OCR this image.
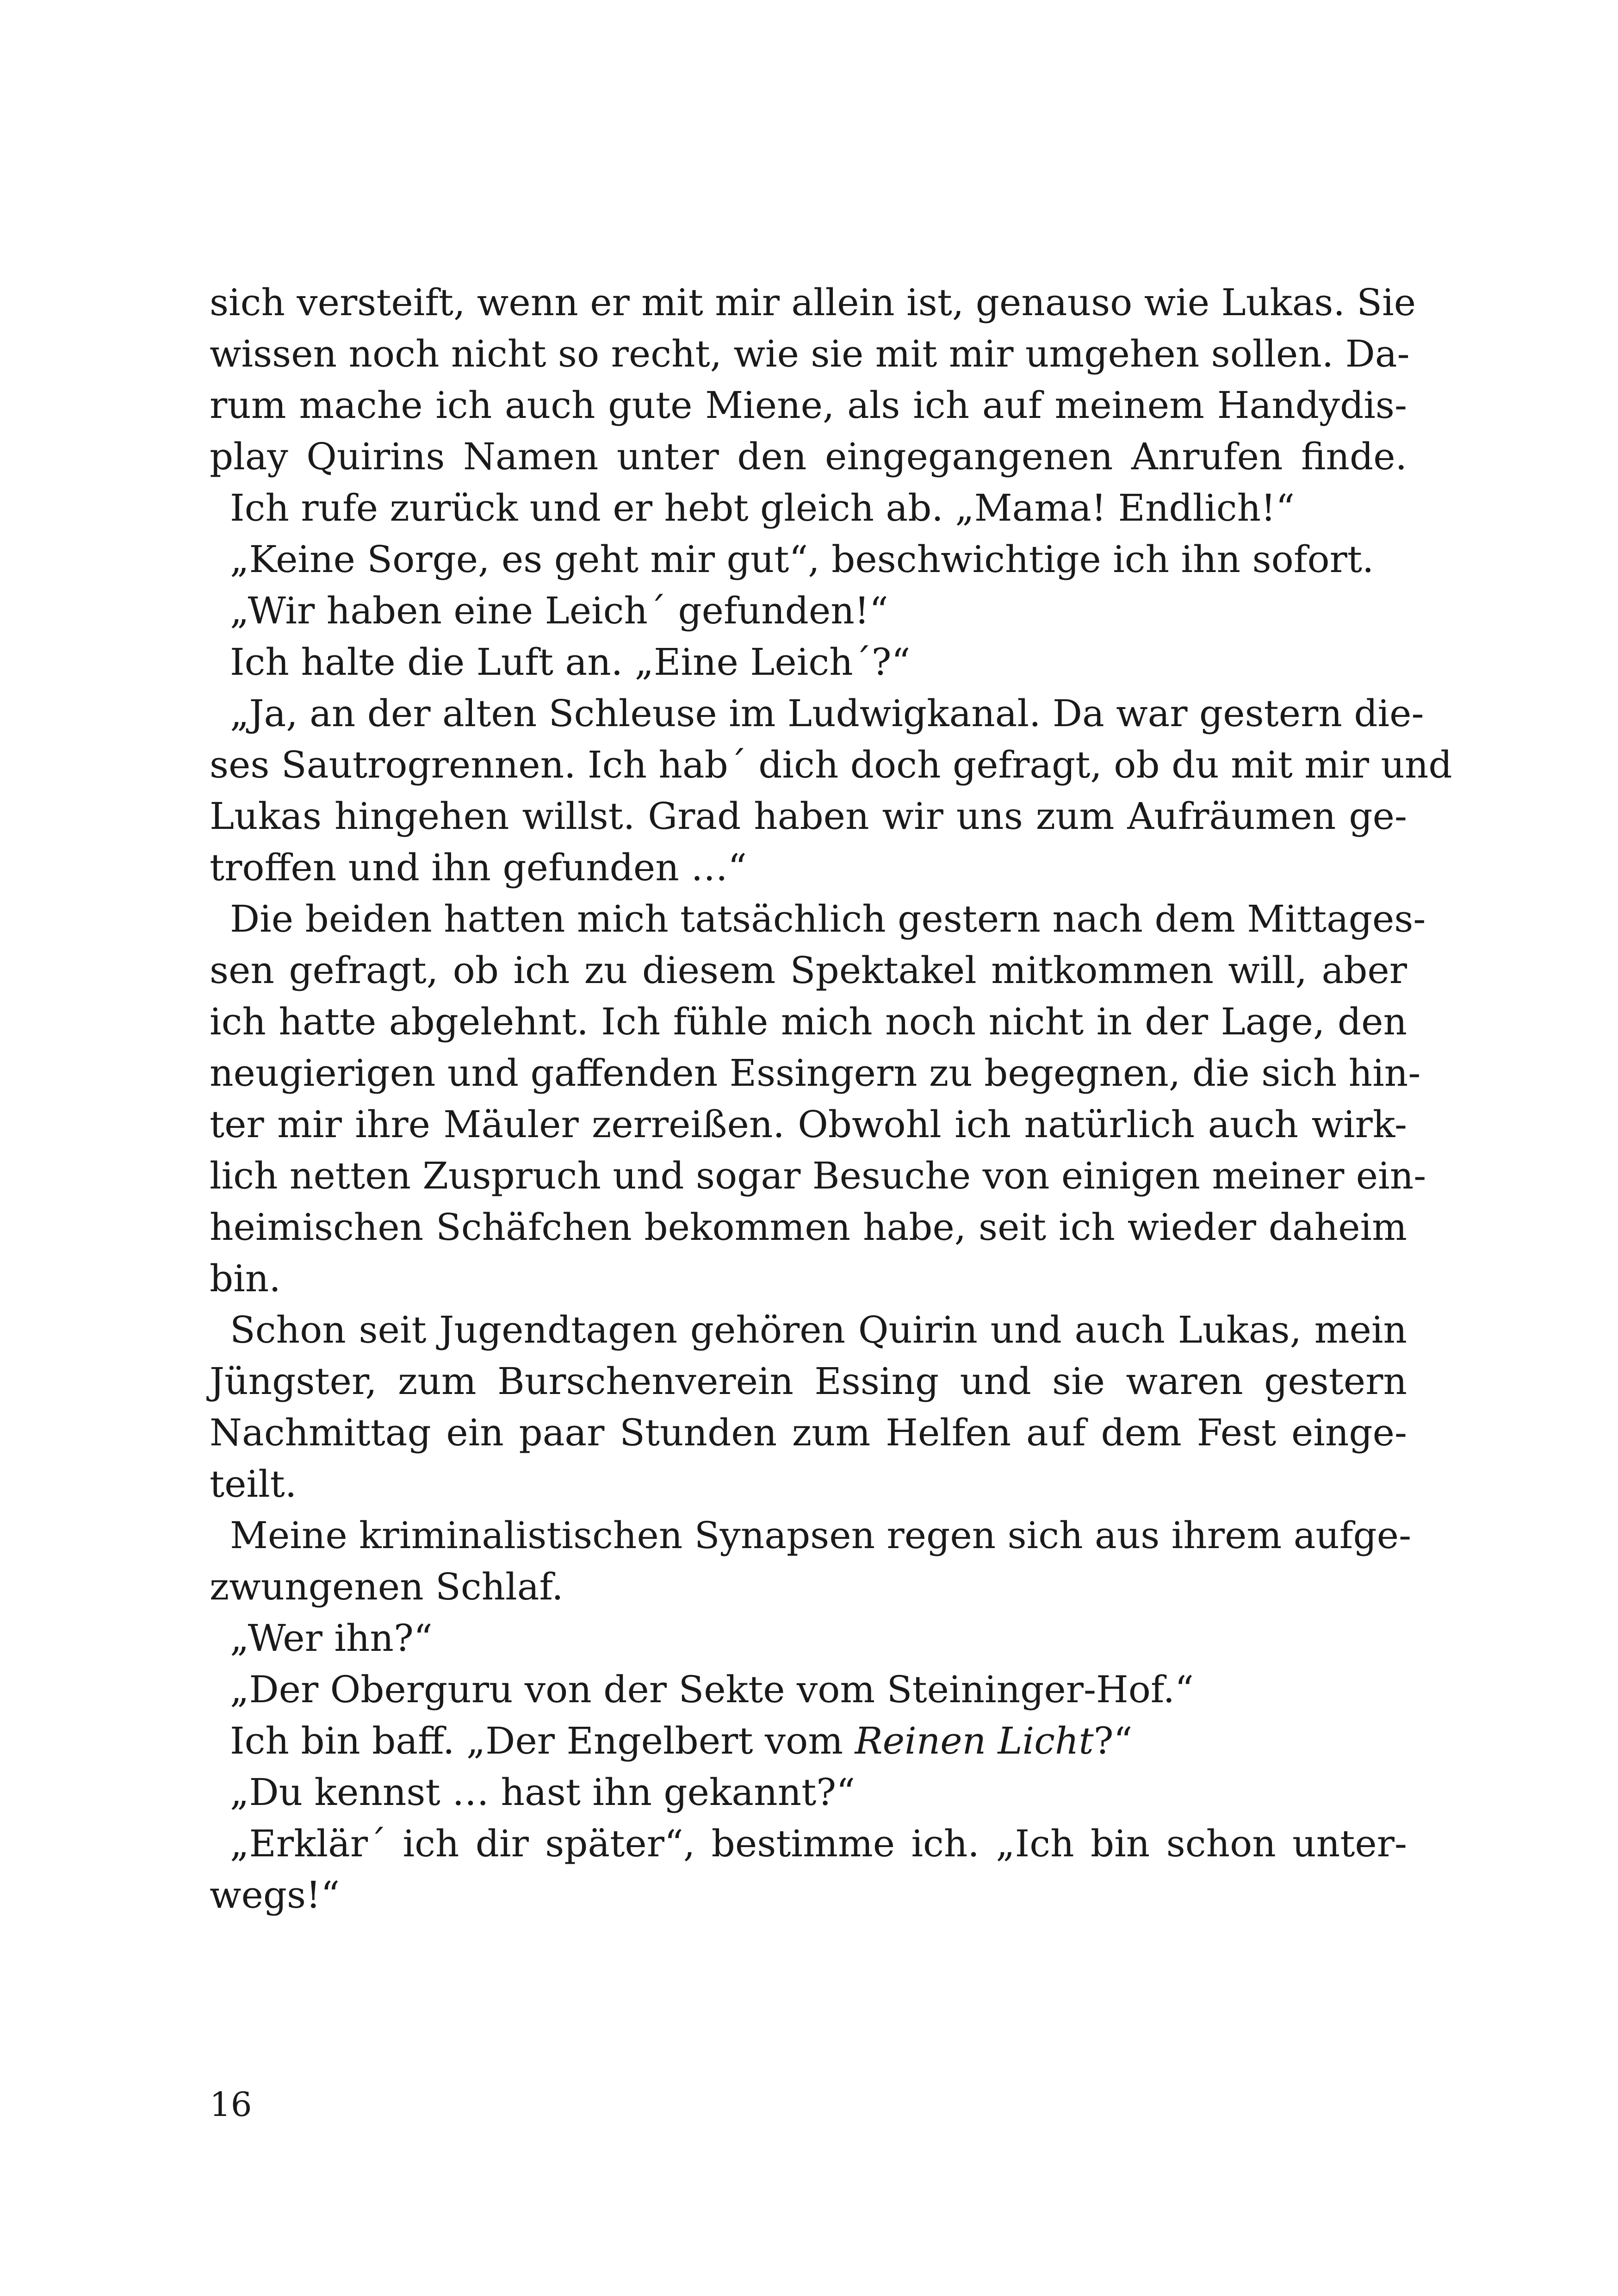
sich versteift, wenn er mit mir allein ist, genauso wie Lukas. Sie
wissen noch nicht so recht, wie sie mit mir umgehen sollen. Da-
rum mache ich auch gute Miene, als ich auf meinem Handydis-
play Quirins Namen unter den eingegangenen Anrufen finde.
Ich rufe zurück und er hebt gleich ab. „Mama! Endlich!“
„Keine Sorge, es geht mir gut“, beschwichtige ich ihn sofort.
„Wir haben eine Leich´ gefunden!“
Ich halte die Luft an. „Eine Leich´?“
„Ja, an der alten Schleuse im Ludwigkanal. Da war gestern die-
ses Sautrogrennen. Ich hab´ dich doch gefragt, ob du mit mir und
Lukas hingehen willst. Grad haben wir uns zum Aufräumen ge-
troffen und ihn gefunden …“
Die beiden hatten mich tatsächlich gestern nach dem Mittages-
sen gefragt, ob ich zu diesem Spektakel mitkommen will, aber
ich hatte abgelehnt. Ich fühle mich noch nicht in der Lage, den
neugierigen und gaffenden Essingern zu begegnen, die sich hin-
ter mir ihre Mäuler zerreißen. Obwohl ich natürlich auch wirk-
lich netten Zuspruch und sogar Besuche von einigen meiner ein-
heimischen Schäfchen bekommen habe, seit ich wieder daheim
bin.
Schon seit Jugendtagen gehören Quirin und auch Lukas, mein
Jüngster, zum Burschenverein Essing und sie waren gestern
Nachmittag ein paar Stunden zum Helfen auf dem Fest einge-
teilt.
Meine kriminalistischen Synapsen regen sich aus ihrem aufge-
zwungenen Schlaf.
„Wer ihn?“
„Der Oberguru von der Sekte vom Steininger-Hof.“
Ich bin baff. „Der Engelbert vom Reinen Licht?“
„Du kennst … hast ihn gekannt?“
„Erklär´ ich dir später“, bestimme ich. „Ich bin schon unter-
wegs!“
16
